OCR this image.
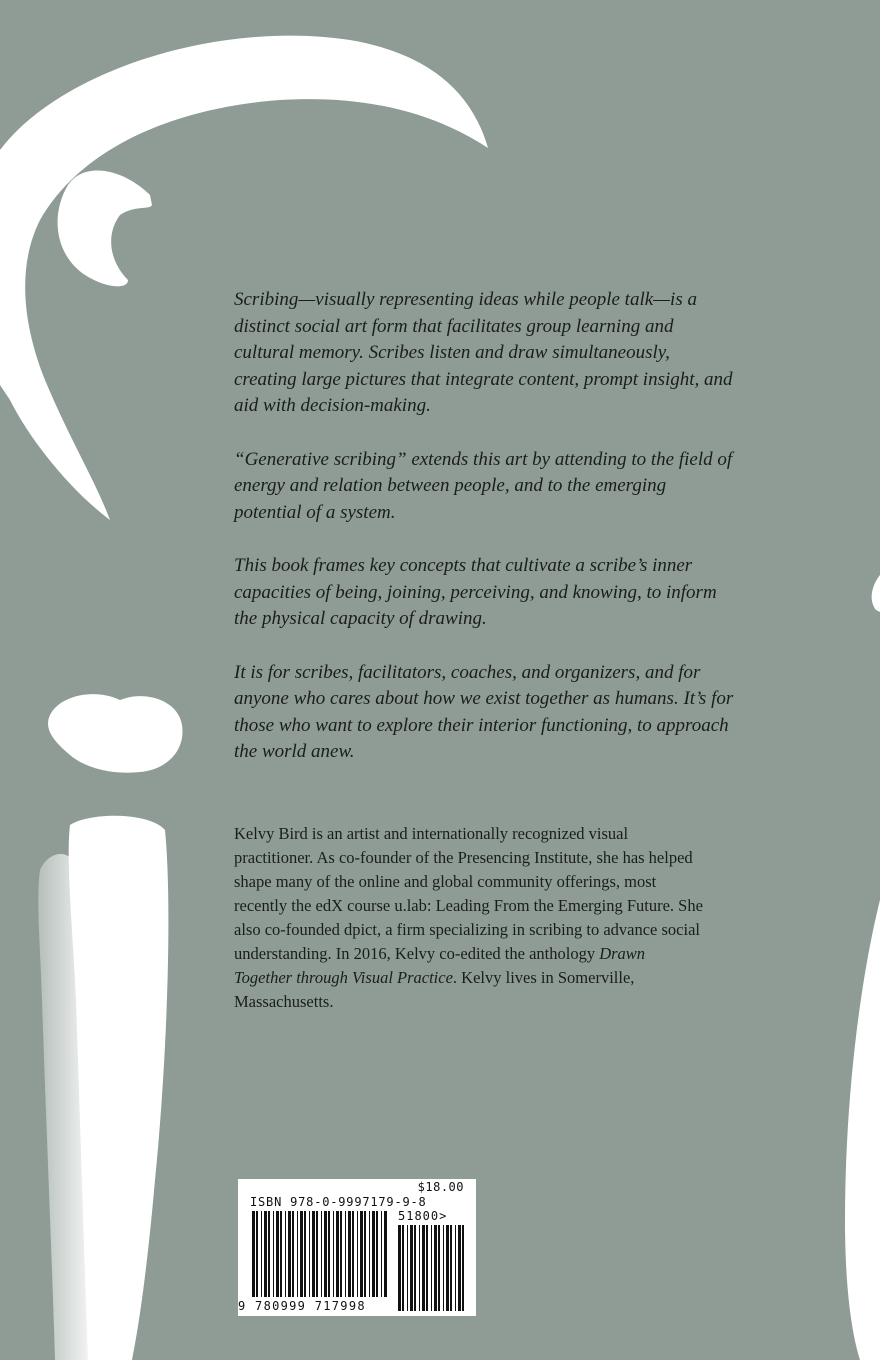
Scribing—visually representing ideas while people talk—is a distinct social art form that facilitates group learning and cultural memory. Scribes listen and draw simultaneously, creating large pictures that integrate content, prompt insight, and aid with decision-making.

“Generative scribing” extends this art by attending to the field of energy and relation between people, and to the emerging potential of a system.

This book frames key concepts that cultivate a scribe’s inner capacities of being, joining, perceiving, and knowing, to inform the physical capacity of drawing.

It is for scribes, facilitators, coaches, and organizers, and for anyone who cares about how we exist together as humans. It’s for those who want to explore their interior functioning, to approach the world anew.

Kelvy Bird is an artist and internationally recognized visual practitioner. As co-founder of the Presencing Institute, she has helped shape many of the online and global community offerings, most recently the edX course u.lab: Leading From the Emerging Future. She also co-founded dpict, a firm specializing in scribing to advance social understanding. In 2016, Kelvy co-edited the anthology Drawn Together through Visual Practice. Kelvy lives in Somerville, Massachusetts.
$18.00
ISBN 978-0-9997179-9-8
51800>
9 780999 717998
